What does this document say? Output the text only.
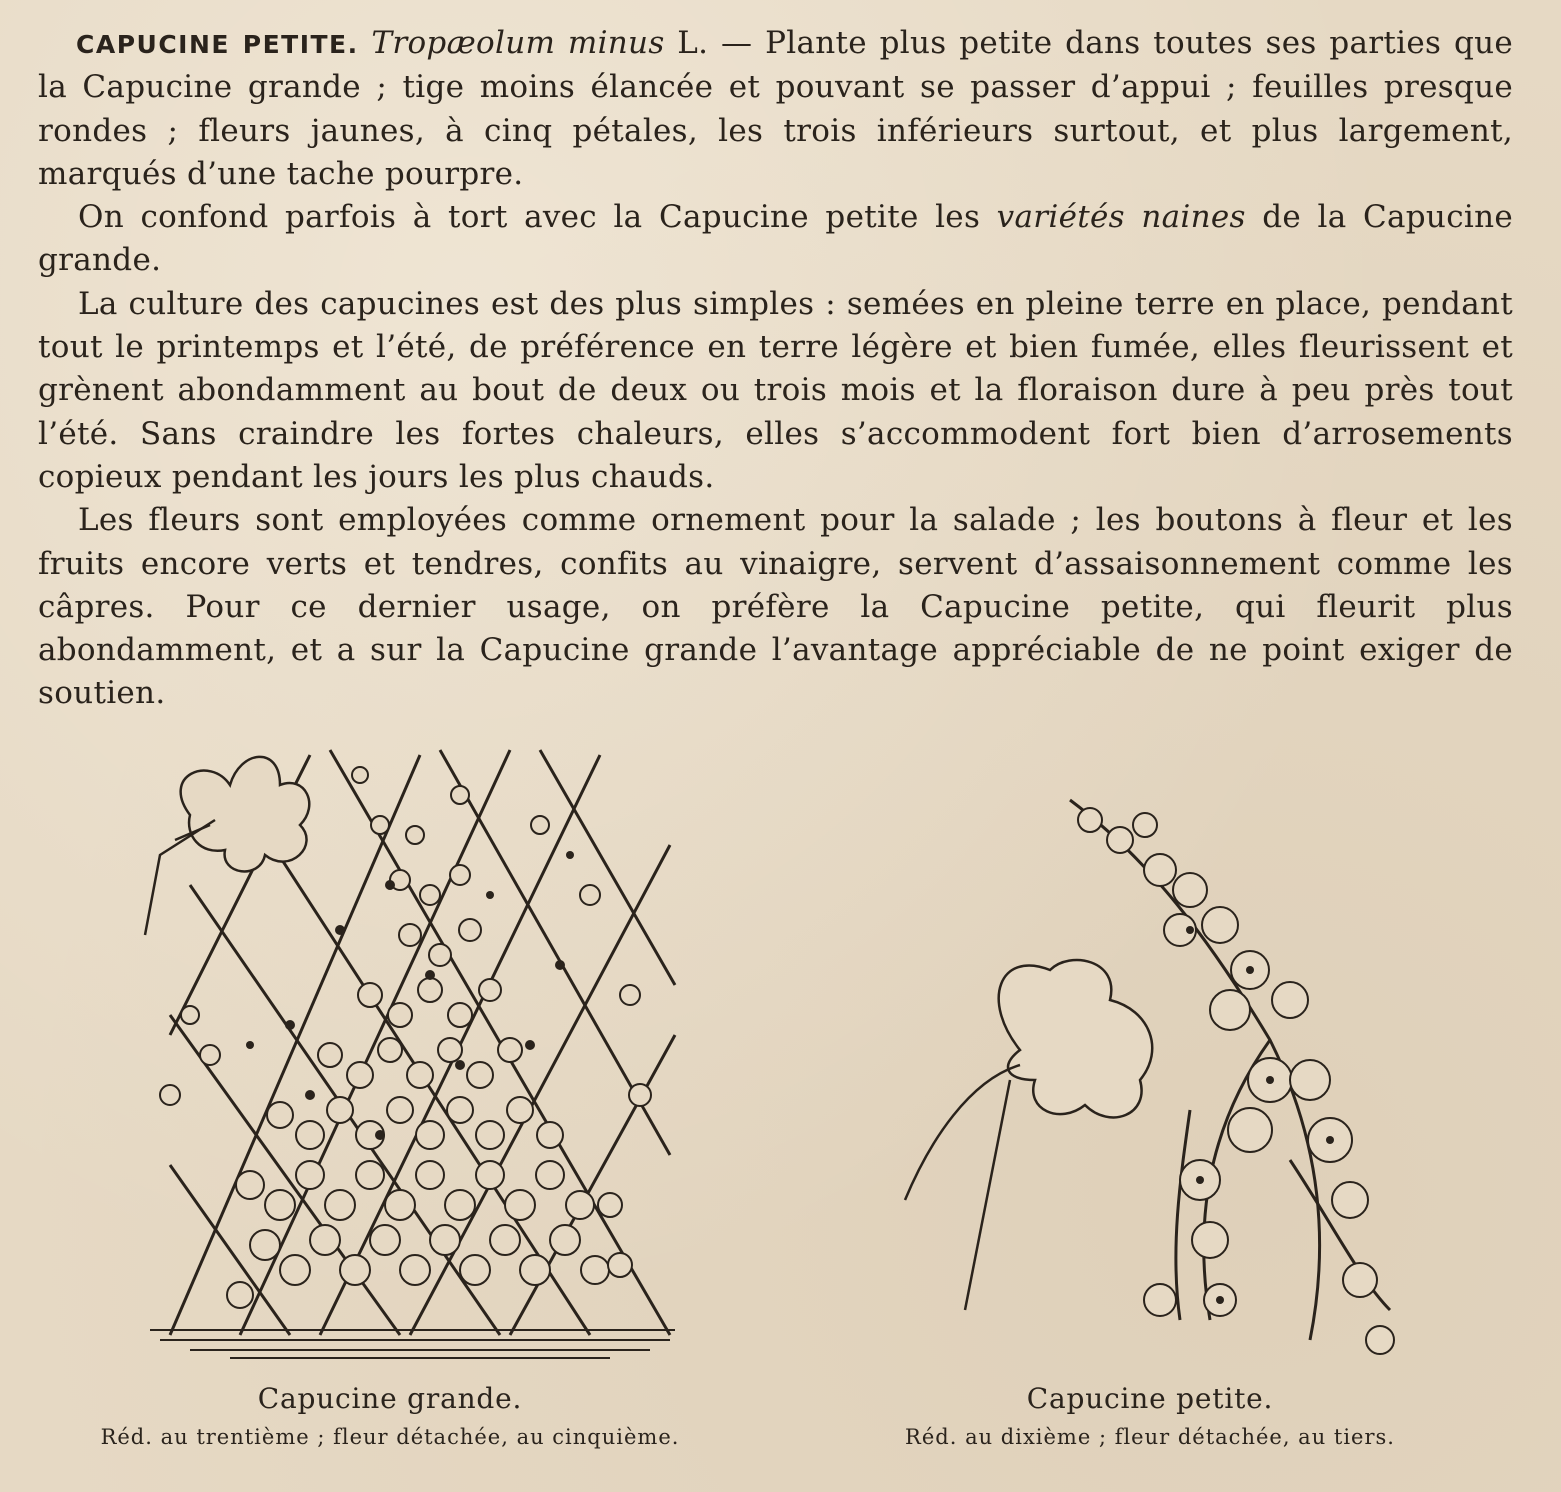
CAPUCINE PETITE. Tropæolum minus L. — Plante plus petite dans toutes ses parties que la Capucine grande ; tige moins élancée et pouvant se passer d’appui ; feuilles presque rondes ; fleurs jaunes, à cinq pétales, les trois inférieurs surtout, et plus largement, marqués d’une tache pourpre.

On confond parfois à tort avec la Capucine petite les variétés naines de la Capucine grande.

La culture des capucines est des plus simples : semées en pleine terre en place, pendant tout le printemps et l’été, de préférence en terre légère et bien fumée, elles fleurissent et grènent abondamment au bout de deux ou trois mois et la floraison dure à peu près tout l’été. Sans craindre les fortes chaleurs, elles s’accommodent fort bien d’arrosements copieux pendant les jours les plus chauds.

Les fleurs sont employées comme ornement pour la salade ; les boutons à fleur et les fruits encore verts et tendres, confits au vinaigre, servent d’assaisonnement comme les câpres. Pour ce dernier usage, on préfère la Capucine petite, qui fleurit plus abondamment, et a sur la Capucine grande l’avantage appréciable de ne point exiger de soutien.

Capucine grande.
Réd. au trentième ; fleur détachée, au cinquième.
Capucine petite.
Réd. au dixième ; fleur détachée, au tiers.
